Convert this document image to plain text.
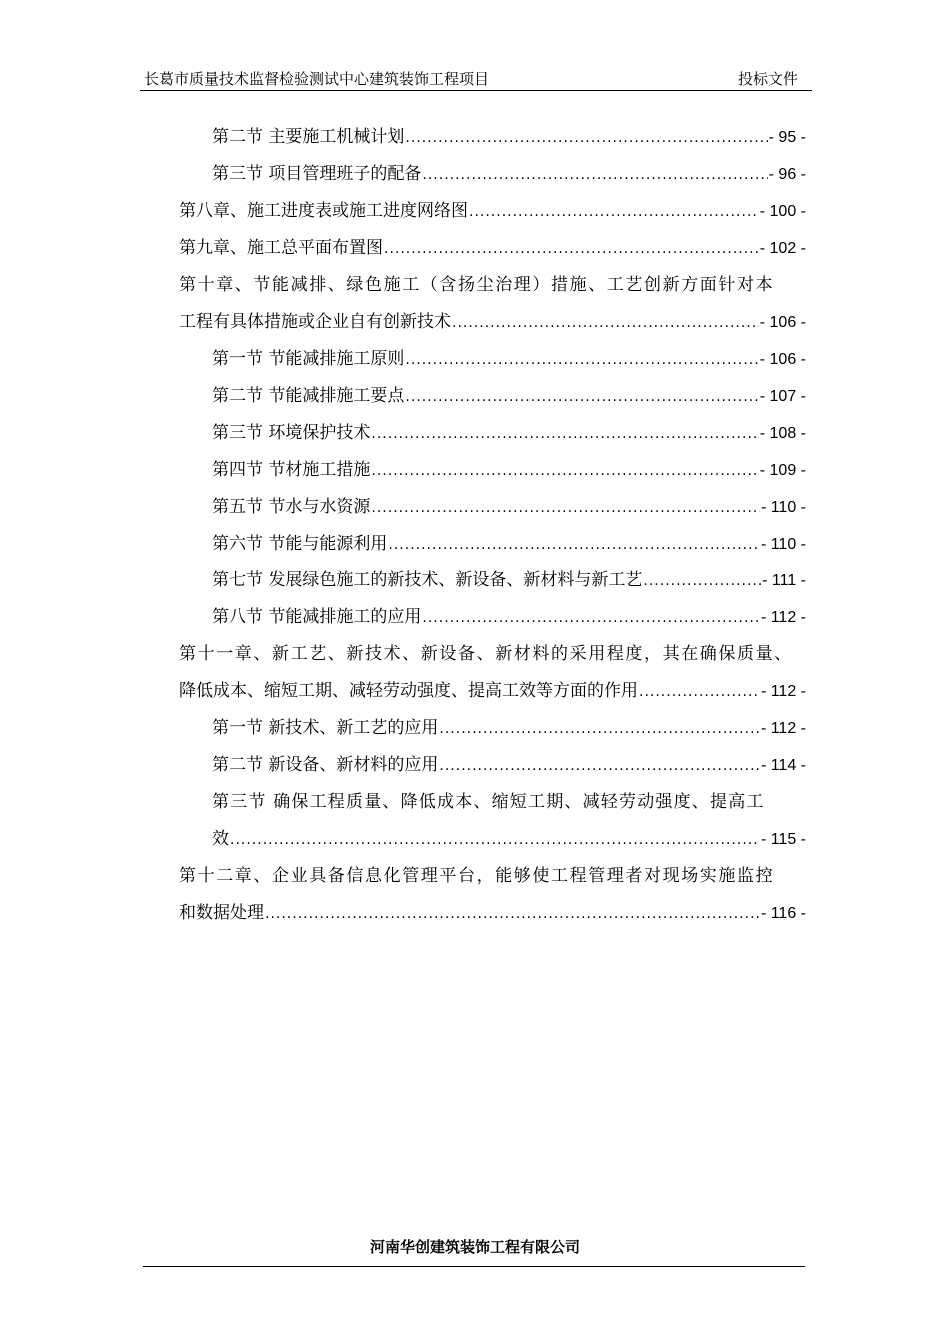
长葛市质量技术监督检验测试中心建筑装饰工程项目	投标文件
第二节 主要施工机械计划 .....	- 95 -
第三节 项目管理班子的配备 .....	- 96 -
第八章、施工进度表或施工进度网络图 .....	- 100 -
第九章、施工总平面布置图 .....	- 102 -
第十章、节能减排、绿色施工（含扬尘治理）措施、工艺创新方面针对本
工程有具体措施或企业自有创新技术 .....	- 106 -
第一节 节能减排施工原则 .....	- 106 -
第二节 节能减排施工要点 .....	- 107 -
第三节 环境保护技术 .....	- 108 -
第四节 节材施工措施 .....	- 109 -
第五节 节水与水资源 .....	- 110 -
第六节 节能与能源利用 .....	- 110 -
第七节 发展绿色施工的新技术、新设备、新材料与新工艺 .....	- 111 -
第八节 节能减排施工的应用 .....	- 112 -
第十一章、新工艺、新技术、新设备、新材料的采用程度，其在确保质量、
降低成本、缩短工期、减轻劳动强度、提高工效等方面的作用 .....	- 112 -
第一节 新技术、新工艺的应用 .....	- 112 -
第二节 新设备、新材料的应用 .....	- 114 -
第三节 确保工程质量、降低成本、缩短工期、减轻劳动强度、提高工
效 .....	- 115 -
第十二章、企业具备信息化管理平台，能够使工程管理者对现场实施监控
和数据处理 .....	- 116 -
河南华创建筑装饰工程有限公司
